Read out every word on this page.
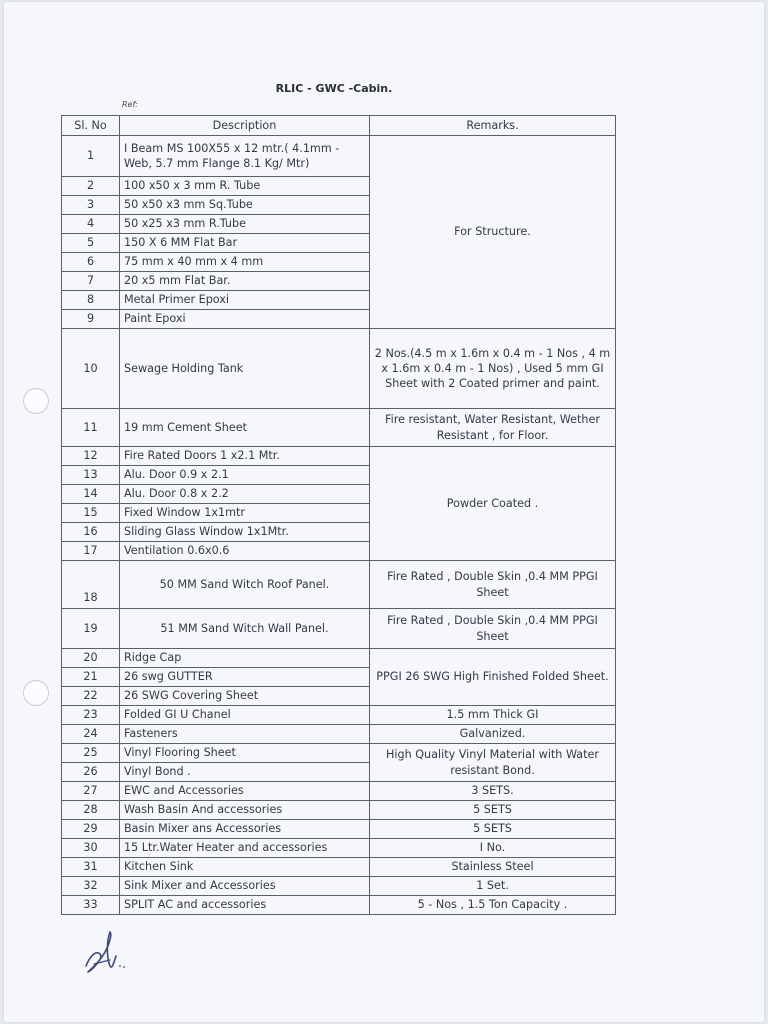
RLIC - GWC -Cabin.
Ref:
Sl. No	Description	Remarks.
1	I Beam MS 100X55 x 12 mtr.( 4.1mm - Web, 5.7 mm Flange 8.1 Kg/ Mtr)	For Structure.
2	100 x50 x 3 mm R. Tube	
3	50 x50 x3 mm Sq.Tube	
4	50 x25 x3 mm R.Tube	
5	150 X 6 MM Flat Bar	
6	75 mm x 40 mm x 4 mm	
7	20 x5 mm Flat Bar.	
8	Metal Primer Epoxi	
9	Paint Epoxi	
10	Sewage Holding Tank	2 Nos.(4.5 m x 1.6m x 0.4 m - 1 Nos , 4 m x 1.6m x 0.4 m - 1 Nos) , Used 5 mm GI Sheet with 2 Coated primer and paint.
11	19 mm Cement Sheet	Fire resistant, Water Resistant, Wether Resistant , for Floor.
12	Fire Rated Doors 1 x2.1 Mtr.	Powder Coated .
13	Alu. Door 0.9 x 2.1	
14	Alu. Door 0.8 x 2.2	
15	Fixed Window 1x1mtr	
16	Sliding Glass Window 1x1Mtr.	
17	Ventilation 0.6x0.6	
18	50 MM Sand Witch Roof Panel.	Fire Rated , Double Skin ,0.4 MM PPGI Sheet
19	51 MM Sand Witch Wall Panel.	Fire Rated , Double Skin ,0.4 MM PPGI Sheet
20	Ridge Cap	PPGI 26 SWG High Finished Folded Sheet.
21	26 swg GUTTER	
22	26 SWG Covering Sheet	
23	Folded GI U Chanel	1.5 mm Thick GI
24	Fasteners	Galvanized.
25	Vinyl Flooring Sheet	High Quality Vinyl Material with Water resistant Bond.
26	Vinyl Bond .	
27	EWC and Accessories	3 SETS.
28	Wash Basin And accessories	5 SETS
29	Basin Mixer ans Accessories	5 SETS
30	15 Ltr.Water Heater and accessories	I No.
31	Kitchen Sink	Stainless Steel
32	Sink Mixer and Accessories	1 Set.
33	SPLIT AC and accessories	5 - Nos , 1.5 Ton Capacity .
